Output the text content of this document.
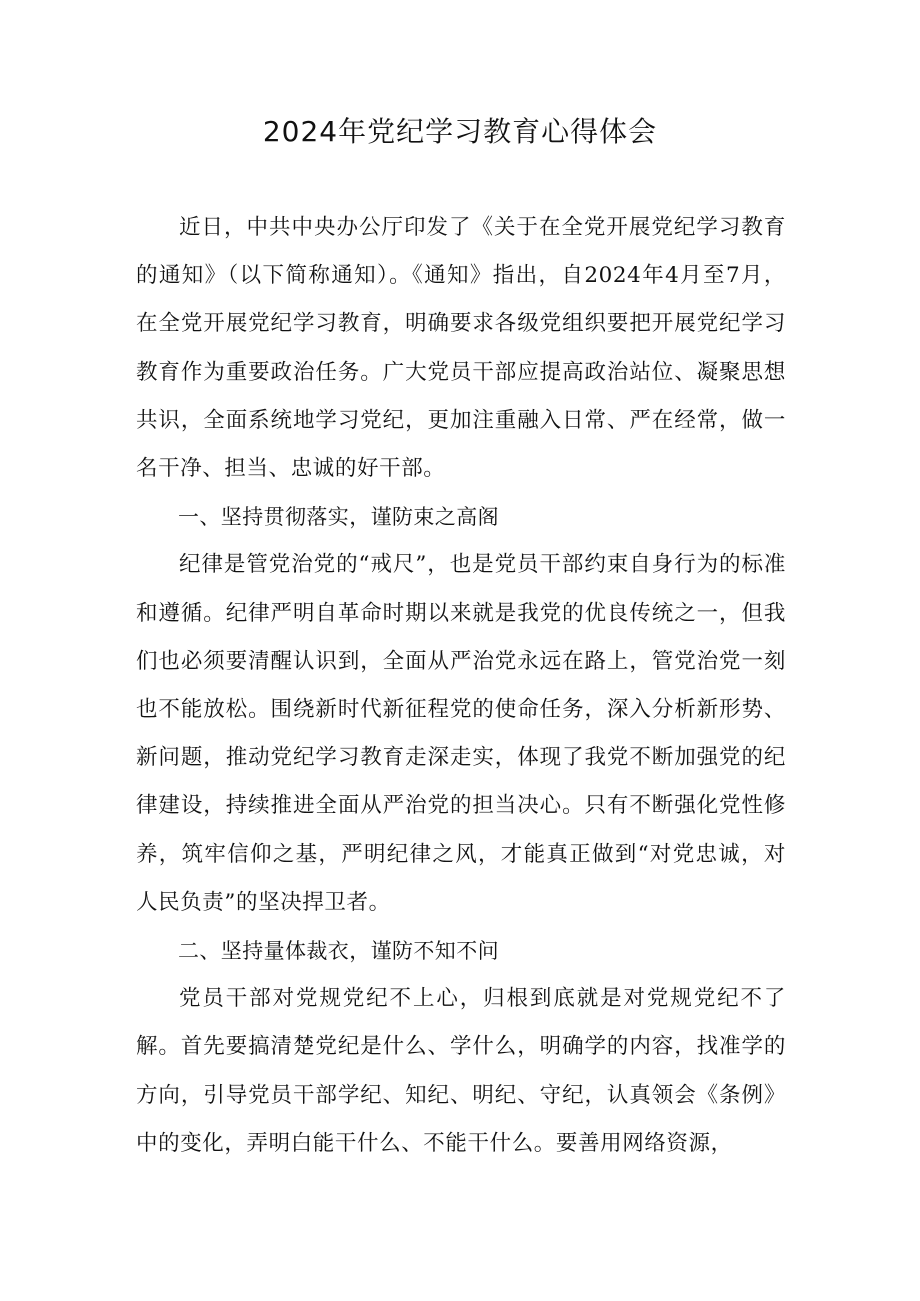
2024年党纪学习教育心得体会

近日，中共中央办公厅印发了《关于在全党开展党纪学习教育的通知》（以下简称通知）。《通知》指出，自2024年4月至7月，在全党开展党纪学习教育，明确要求各级党组织要把开展党纪学习教育作为重要政治任务。广大党员干部应提高政治站位、凝聚思想共识，全面系统地学习党纪，更加注重融入日常、严在经常，做一名干净、担当、忠诚的好干部。

一、坚持贯彻落实，谨防束之高阁

纪律是管党治党的“戒尺”，也是党员干部约束自身行为的标准和遵循。纪律严明自革命时期以来就是我党的优良传统之一，但我们也必须要清醒认识到，全面从严治党永远在路上，管党治党一刻也不能放松。围绕新时代新征程党的使命任务，深入分析新形势、新问题，推动党纪学习教育走深走实，体现了我党不断加强党的纪律建设，持续推进全面从严治党的担当决心。只有不断强化党性修养，筑牢信仰之基，严明纪律之风，才能真正做到“对党忠诚，对人民负责”的坚决捍卫者。

二、坚持量体裁衣，谨防不知不问

党员干部对党规党纪不上心，归根到底就是对党规党纪不了解。首先要搞清楚党纪是什么、学什么，明确学的内容，找准学的方向，引导党员干部学纪、知纪、明纪、守纪，认真领会《条例》中的变化，弄明白能干什么、不能干什么。要善用网络资源，
